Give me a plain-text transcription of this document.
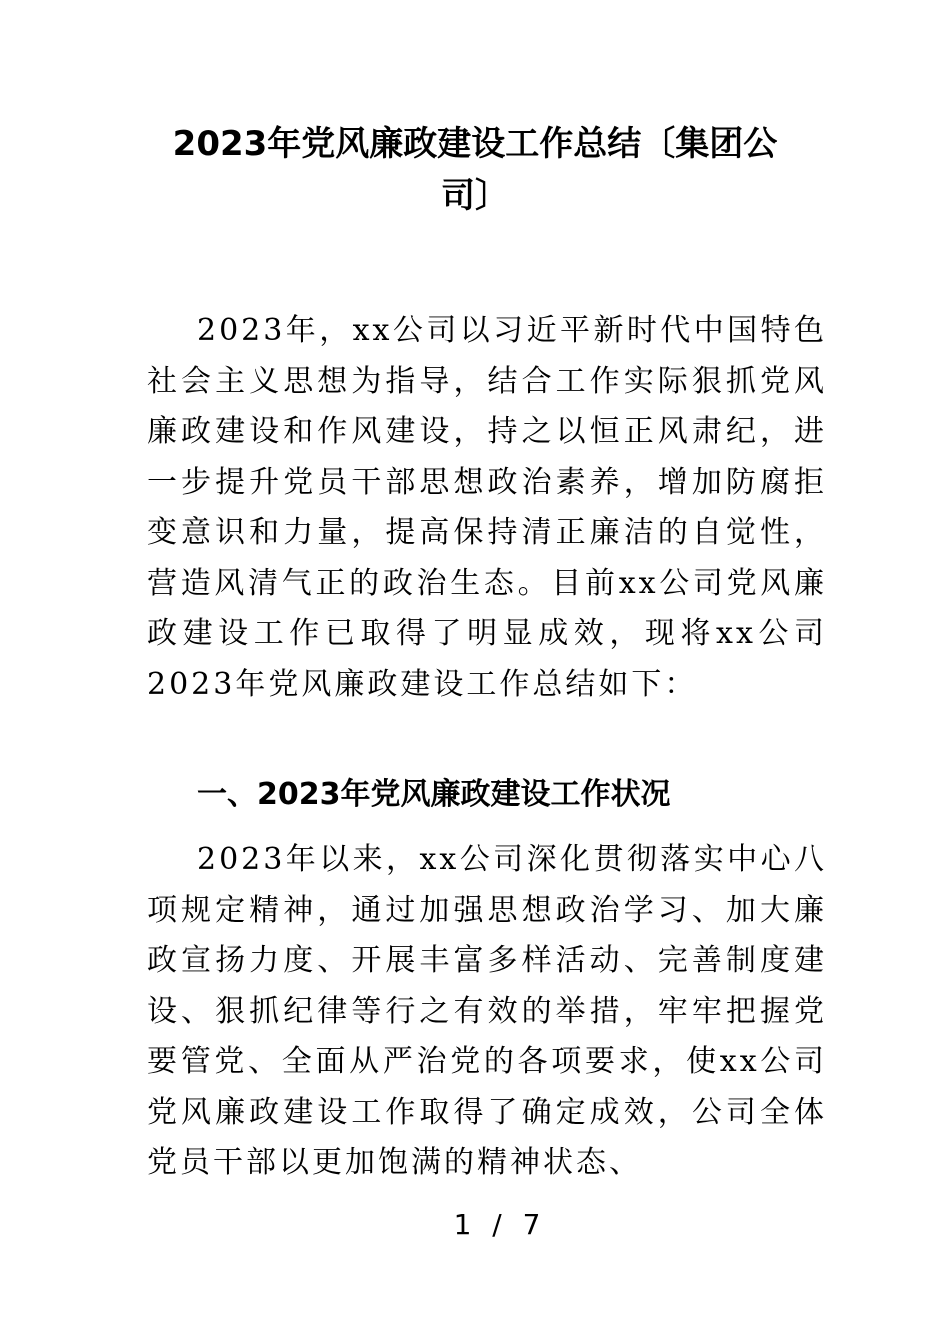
2023年党风廉政建设工作总结〔集团公司〕

2023年，xx公司以习近平新时代中国特色社会主义思想为指导，结合工作实际狠抓党风廉政建设和作风建设，持之以恒正风肃纪，进一步提升党员干部思想政治素养，增加防腐拒变意识和力量，提高保持清正廉洁的自觉性，营造风清气正的政治生态。目前xx公司党风廉政建设工作已取得了明显成效，现将xx公司2023年党风廉政建设工作总结如下：

一、2023年党风廉政建设工作状况

2023年以来，xx公司深化贯彻落实中心八项规定精神，通过加强思想政治学习、加大廉政宣扬力度、开展丰富多样活动、完善制度建设、狠抓纪律等行之有效的举措，牢牢把握党要管党、全面从严治党的各项要求，使xx公司党风廉政建设工作取得了确定成效，公司全体党员干部以更加饱满的精神状态、

1 / 7
